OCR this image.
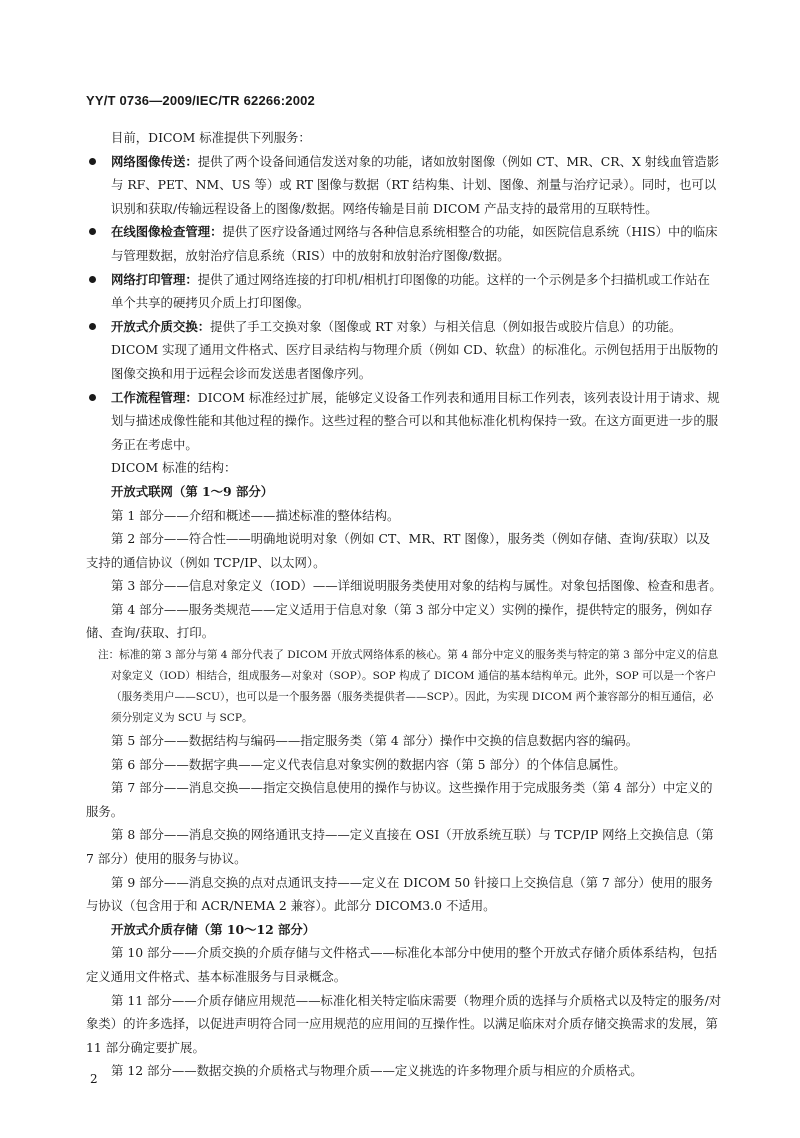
YY/T 0736—2009/IEC/TR 62266:2002

目前，DICOM 标准提供下列服务：

网络图像传送：提供了两个设备间通信发送对象的功能，诸如放射图像（例如 CT、MR、CR、X 射线血管造影与 RF、PET、NM、US 等）或 RT 图像与数据（RT 结构集、计划、图像、剂量与治疗记录）。同时，也可以识别和获取/传输远程设备上的图像/数据。网络传输是目前 DICOM 产品支持的最常用的互联特性。

在线图像检查管理：提供了医疗设备通过网络与各种信息系统相整合的功能，如医院信息系统（HIS）中的临床与管理数据，放射治疗信息系统（RIS）中的放射和放射治疗图像/数据。

网络打印管理：提供了通过网络连接的打印机/相机打印图像的功能。这样的一个示例是多个扫描机或工作站在单个共享的硬拷贝介质上打印图像。

开放式介质交换：提供了手工交换对象（图像或 RT 对象）与相关信息（例如报告或胶片信息）的功能。DICOM 实现了通用文件格式、医疗目录结构与物理介质（例如 CD、软盘）的标准化。示例包括用于出版物的图像交换和用于远程会诊而发送患者图像序列。

工作流程管理：DICOM 标准经过扩展，能够定义设备工作列表和通用目标工作列表，该列表设计用于请求、规划与描述成像性能和其他过程的操作。这些过程的整合可以和其他标准化机构保持一致。在这方面更进一步的服务正在考虑中。

DICOM 标准的结构：

开放式联网（第 1～9 部分）

第 1 部分——介绍和概述——描述标准的整体结构。

第 2 部分——符合性——明确地说明对象（例如 CT、MR、RT 图像），服务类（例如存储、查询/获取）以及支持的通信协议（例如 TCP/IP、以太网）。

第 3 部分——信息对象定义（IOD）——详细说明服务类使用对象的结构与属性。对象包括图像、检查和患者。

第 4 部分——服务类规范——定义适用于信息对象（第 3 部分中定义）实例的操作，提供特定的服务，例如存储、查询/获取、打印。

注：标准的第 3 部分与第 4 部分代表了 DICOM 开放式网络体系的核心。第 4 部分中定义的服务类与特定的第 3 部分中定义的信息对象定义（IOD）相结合，组成服务—对象对（SOP）。SOP 构成了 DICOM 通信的基本结构单元。此外，SOP 可以是一个客户（服务类用户——SCU），也可以是一个服务器（服务类提供者——SCP）。因此，为实现 DICOM 两个兼容部分的相互通信，必须分别定义为 SCU 与 SCP。

第 5 部分——数据结构与编码——指定服务类（第 4 部分）操作中交换的信息数据内容的编码。

第 6 部分——数据字典——定义代表信息对象实例的数据内容（第 5 部分）的个体信息属性。

第 7 部分——消息交换——指定交换信息使用的操作与协议。这些操作用于完成服务类（第 4 部分）中定义的服务。

第 8 部分——消息交换的网络通讯支持——定义直接在 OSI（开放系统互联）与 TCP/IP 网络上交换信息（第 7 部分）使用的服务与协议。

第 9 部分——消息交换的点对点通讯支持——定义在 DICOM 50 针接口上交换信息（第 7 部分）使用的服务与协议（包含用于和 ACR/NEMA 2 兼容）。此部分 DICOM3.0 不适用。

开放式介质存储（第 10～12 部分）

第 10 部分——介质交换的介质存储与文件格式——标准化本部分中使用的整个开放式存储介质体系结构，包括定义通用文件格式、基本标准服务与目录概念。

第 11 部分——介质存储应用规范——标准化相关特定临床需要（物理介质的选择与介质格式以及特定的服务/对象类）的许多选择，以促进声明符合同一应用规范的应用间的互操作性。以满足临床对介质存储交换需求的发展，第 11 部分确定要扩展。

第 12 部分——数据交换的介质格式与物理介质——定义挑选的许多物理介质与相应的介质格式。

2
